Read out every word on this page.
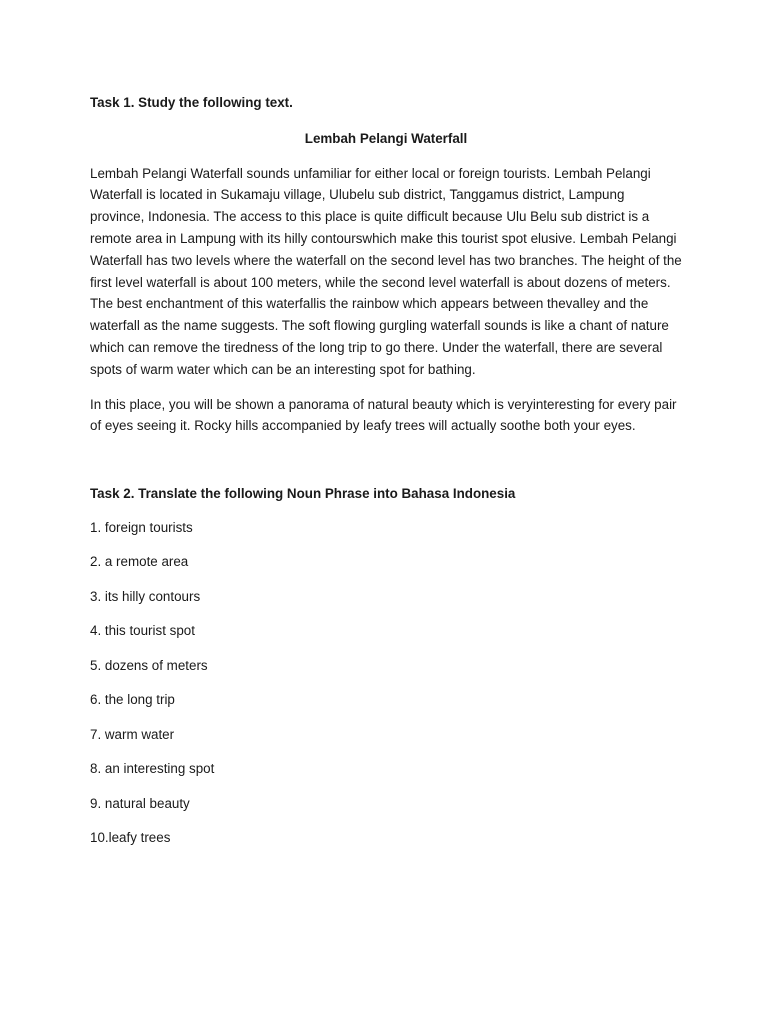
Task 1. Study the following text.

Lembah Pelangi Waterfall

Lembah Pelangi Waterfall sounds unfamiliar for either local or foreign tourists. Lembah Pelangi Waterfall is located in Sukamaju village, Ulubelu sub district, Tanggamus district, Lampung province, Indonesia. The access to this place is quite difficult because Ulu Belu sub district is a remote area in Lampung with its hilly contourswhich make this tourist spot elusive. Lembah Pelangi Waterfall has two levels where the waterfall on the second level has two branches. The height of the first level waterfall is about 100 meters, while the second level waterfall is about dozens of meters. The best enchantment of this waterfallis the rainbow which appears between thevalley and the waterfall as the name suggests. The soft flowing gurgling waterfall sounds is like a chant of nature which can remove the tiredness of the long trip to go there. Under the waterfall, there are several spots of warm water which can be an interesting spot for bathing.

In this place, you will be shown a panorama of natural beauty which is veryinteresting for every pair of eyes seeing it. Rocky hills accompanied by leafy trees will actually soothe both your eyes.

Task 2. Translate the following Noun Phrase into Bahasa Indonesia

1. foreign tourists
2. a remote area
3. its hilly contours
4. this tourist spot
5. dozens of meters
6. the long trip
7. warm water
8. an interesting spot
9. natural beauty
10.leafy trees
